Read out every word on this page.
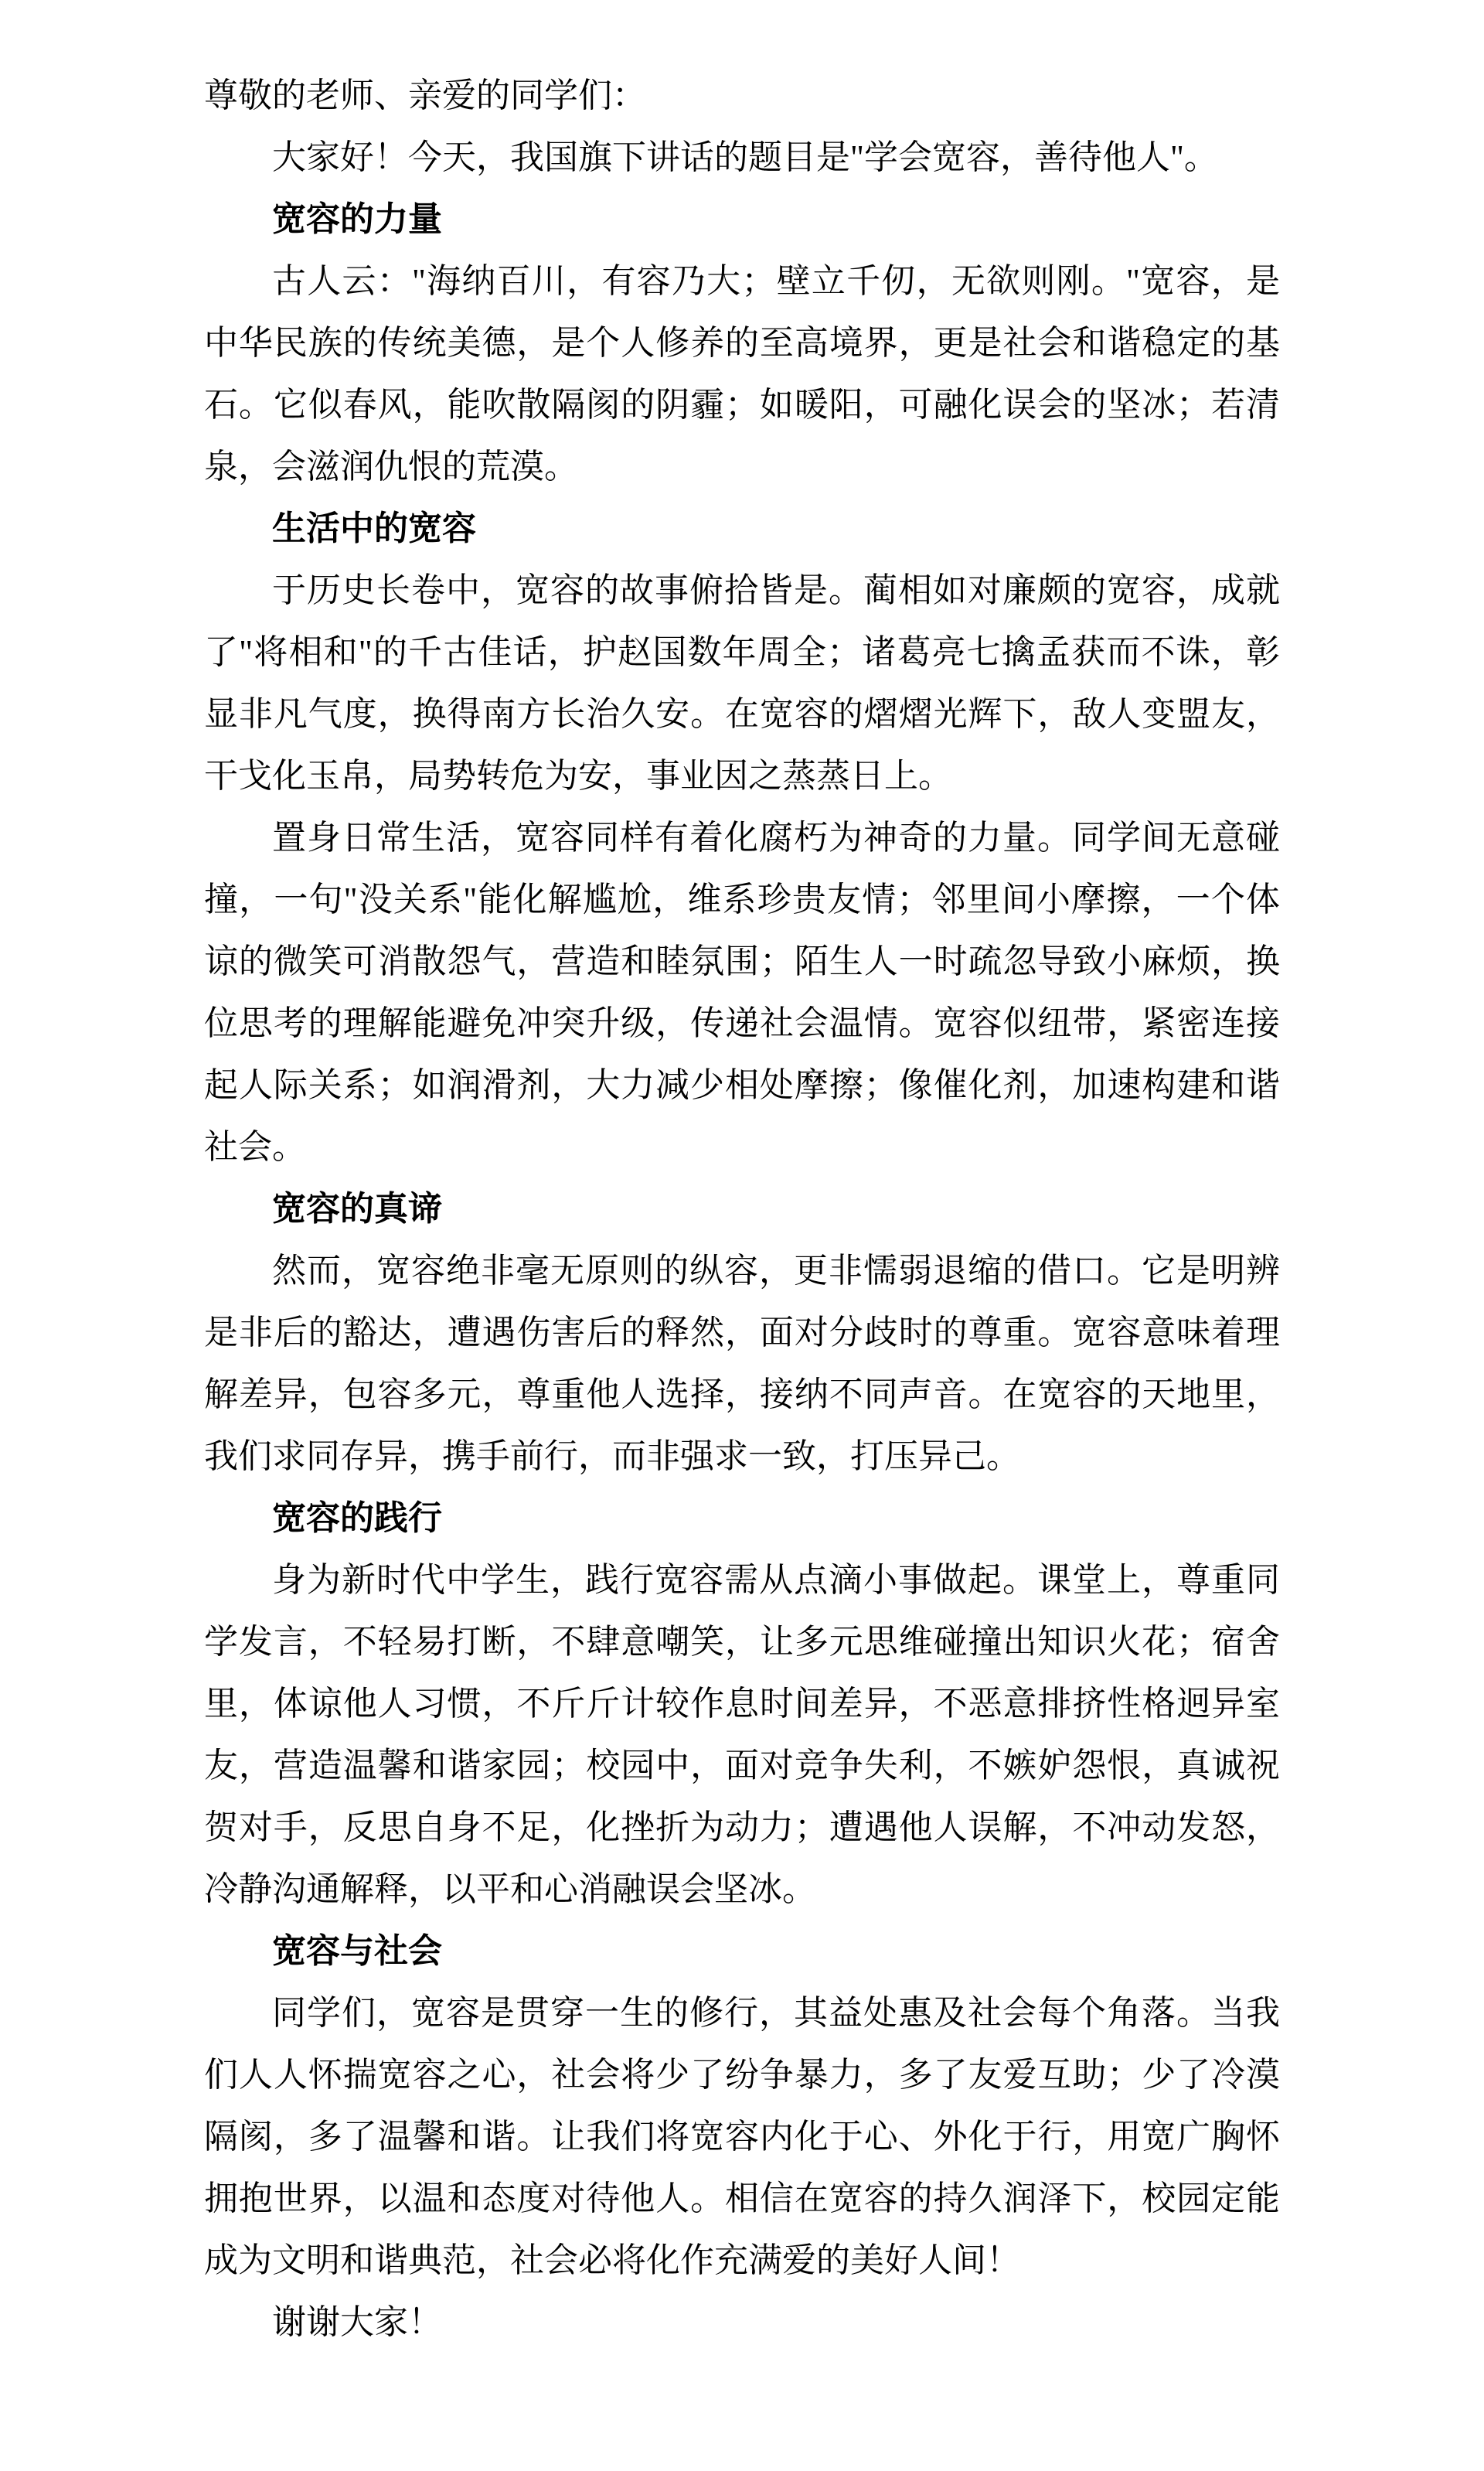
尊敬的老师、亲爱的同学们：

大家好！今天，我国旗下讲话的题目是"学会宽容，善待他人"。

宽容的力量

古人云："海纳百川，有容乃大；壁立千仞，无欲则刚。"宽容，是中华民族的传统美德，是个人修养的至高境界，更是社会和谐稳定的基石。它似春风，能吹散隔阂的阴霾；如暖阳，可融化误会的坚冰；若清泉，会滋润仇恨的荒漠。

生活中的宽容

于历史长卷中，宽容的故事俯拾皆是。蔺相如对廉颇的宽容，成就了"将相和"的千古佳话，护赵国数年周全；诸葛亮七擒孟获而不诛，彰显非凡气度，换得南方长治久安。在宽容的熠熠光辉下，敌人变盟友，干戈化玉帛，局势转危为安，事业因之蒸蒸日上。

置身日常生活，宽容同样有着化腐朽为神奇的力量。同学间无意碰撞，一句"没关系"能化解尴尬，维系珍贵友情；邻里间小摩擦，一个体谅的微笑可消散怨气，营造和睦氛围；陌生人一时疏忽导致小麻烦，换位思考的理解能避免冲突升级，传递社会温情。宽容似纽带，紧密连接起人际关系；如润滑剂，大力减少相处摩擦；像催化剂，加速构建和谐社会。

宽容的真谛

然而，宽容绝非毫无原则的纵容，更非懦弱退缩的借口。它是明辨是非后的豁达，遭遇伤害后的释然，面对分歧时的尊重。宽容意味着理解差异，包容多元，尊重他人选择，接纳不同声音。在宽容的天地里，我们求同存异，携手前行，而非强求一致，打压异己。

宽容的践行

身为新时代中学生，践行宽容需从点滴小事做起。课堂上，尊重同学发言，不轻易打断，不肆意嘲笑，让多元思维碰撞出知识火花；宿舍里，体谅他人习惯，不斤斤计较作息时间差异，不恶意排挤性格迥异室友，营造温馨和谐家园；校园中，面对竞争失利，不嫉妒怨恨，真诚祝贺对手，反思自身不足，化挫折为动力；遭遇他人误解，不冲动发怒，冷静沟通解释，以平和心消融误会坚冰。

宽容与社会

同学们，宽容是贯穿一生的修行，其益处惠及社会每个角落。当我们人人怀揣宽容之心，社会将少了纷争暴力，多了友爱互助；少了冷漠隔阂，多了温馨和谐。让我们将宽容内化于心、外化于行，用宽广胸怀拥抱世界，以温和态度对待他人。相信在宽容的持久润泽下，校园定能成为文明和谐典范，社会必将化作充满爱的美好人间！

谢谢大家！
